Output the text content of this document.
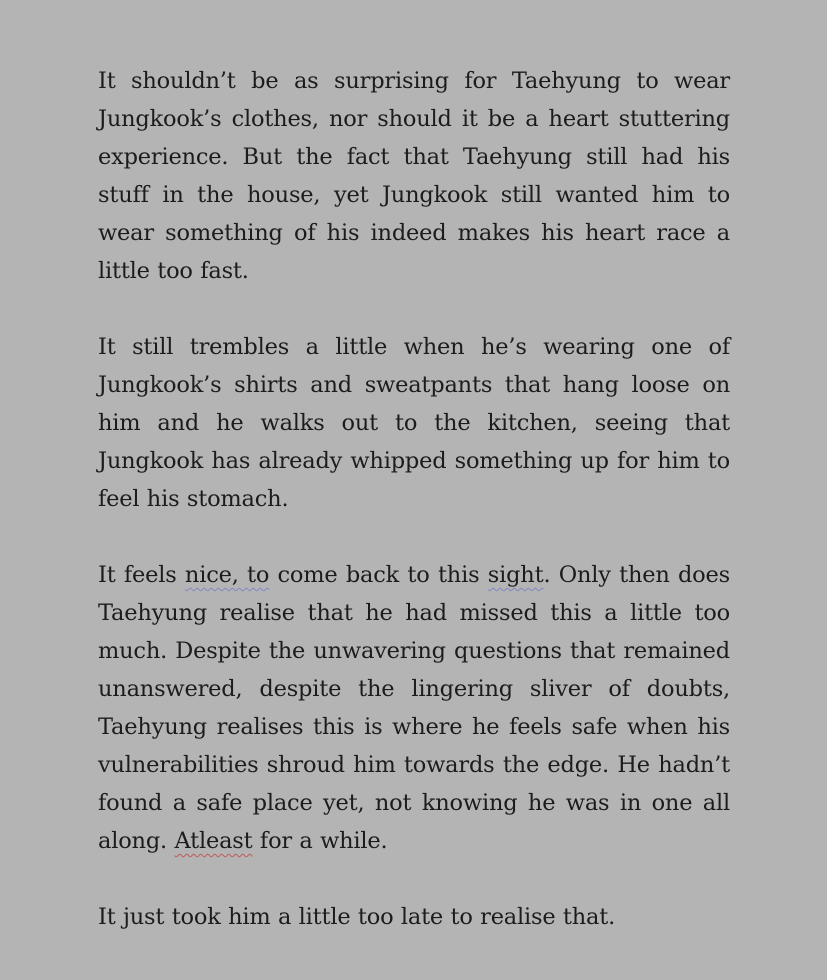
It shouldn’t be as surprising for Taehyung to wear Jungkook’s clothes, nor should it be a heart stuttering experience. But the fact that Taehyung still had his stuff in the house, yet Jungkook still wanted him to wear something of his indeed makes his heart race a little too fast.

It still trembles a little when he’s wearing one of Jungkook’s shirts and sweatpants that hang loose on him and he walks out to the kitchen, seeing that Jungkook has already whipped something up for him to feel his stomach.

It feels nice, to come back to this sight. Only then does Taehyung realise that he had missed this a little too much. Despite the unwavering questions that remained unanswered, despite the lingering sliver of doubts, Taehyung realises this is where he feels safe when his vulnerabilities shroud him towards the edge. He hadn’t found a safe place yet, not knowing he was in one all along. Atleast for a while.

It just took him a little too late to realise that.
